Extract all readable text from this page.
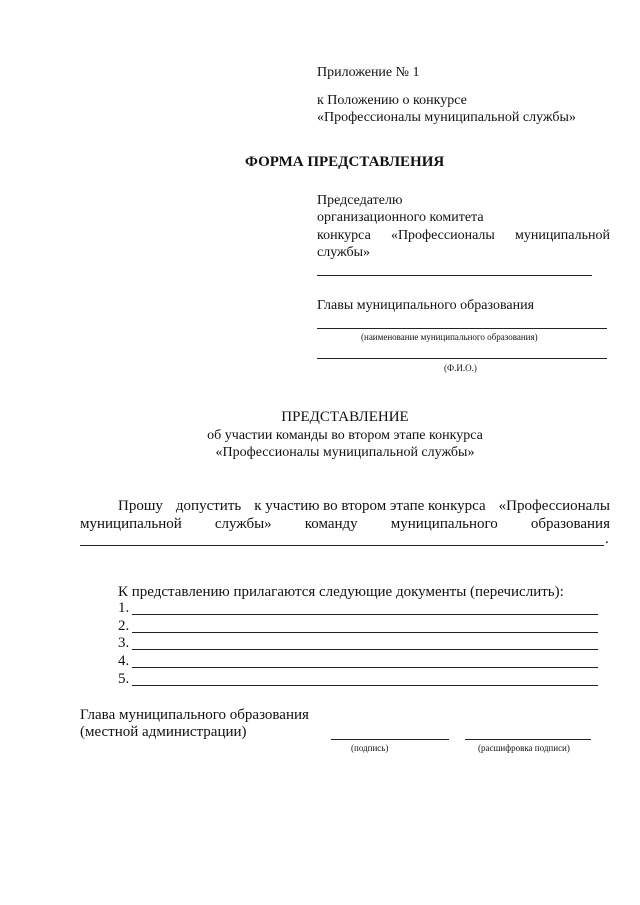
Приложение № 1
к Положению о конкурсе
«Профессионалы муниципальной службы»
ФОРМА ПРЕДСТАВЛЕНИЯ
Председателю
организационного комитета
конкурса «Профессионалы муниципальной
службы»
Главы муниципального образования
(наименование муниципального образования)
(Ф.И.О.)
ПРЕДСТАВЛЕНИЕ
об участии команды во втором этапе конкурса
«Профессионалы муниципальной службы»
Прошу допустить к участию во втором этапе конкурса «Профессионалы
муниципальной службы» команду муниципального образования
.
К представлению прилагаются следующие документы (перечислить):
1.
2.
3.
4.
5.
Глава муниципального образования
(местной администрации)
(подпись)	(расшифровка подписи)
